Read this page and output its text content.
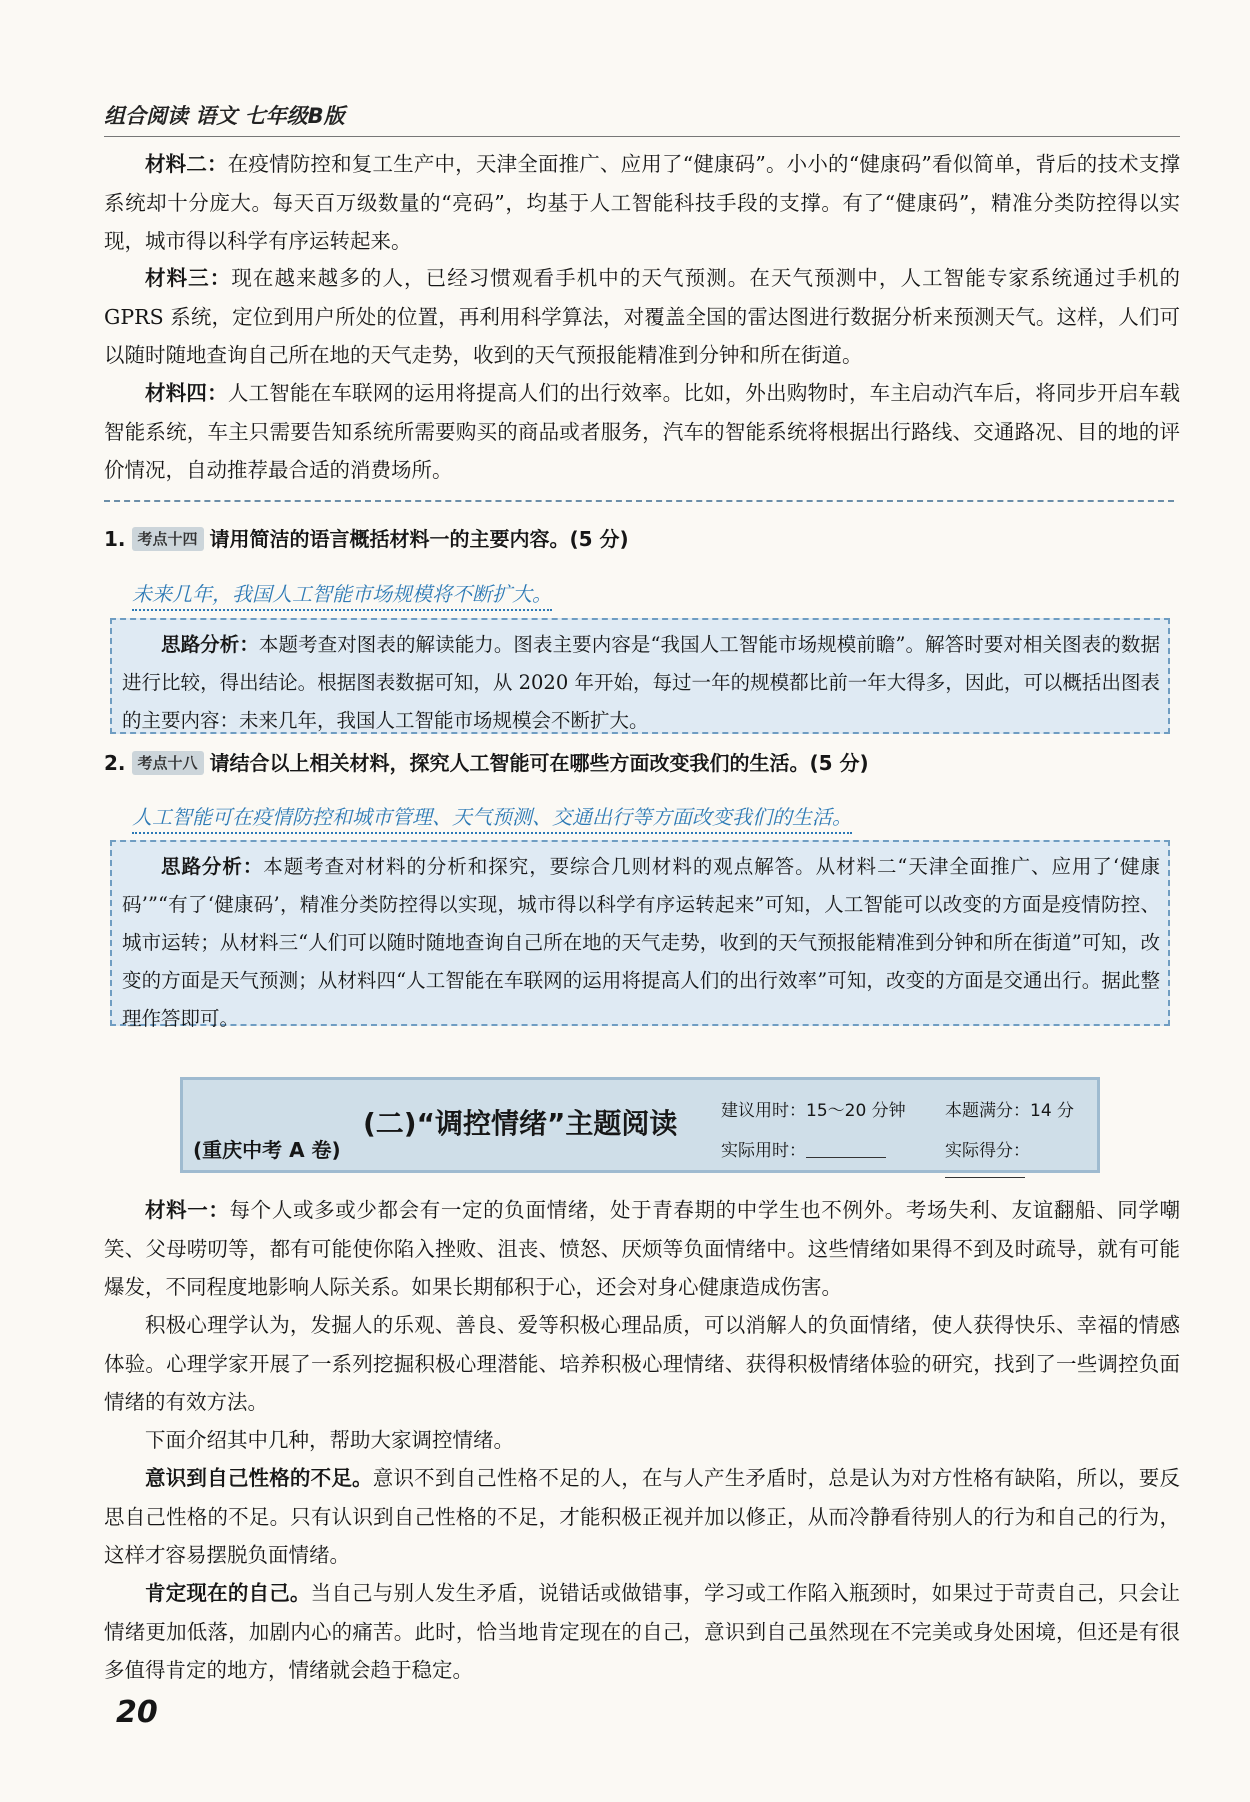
组合阅读 语文 七年级B版

材料二：在疫情防控和复工生产中，天津全面推广、应用了“健康码”。小小的“健康码”看似简单，背后的技术支撑系统却十分庞大。每天百万级数量的“亮码”，均基于人工智能科技手段的支撑。有了“健康码”，精准分类防控得以实现，城市得以科学有序运转起来。

材料三：现在越来越多的人，已经习惯观看手机中的天气预测。在天气预测中，人工智能专家系统通过手机的 GPRS 系统，定位到用户所处的位置，再利用科学算法，对覆盖全国的雷达图进行数据分析来预测天气。这样，人们可以随时随地查询自己所在地的天气走势，收到的天气预报能精准到分钟和所在街道。

材料四：人工智能在车联网的运用将提高人们的出行效率。比如，外出购物时，车主启动汽车后，将同步开启车载智能系统，车主只需要告知系统所需要购买的商品或者服务，汽车的智能系统将根据出行路线、交通路况、目的地的评价情况，自动推荐最合适的消费场所。

1. 考点十四 请用简洁的语言概括材料一的主要内容。(5 分)
未来几年，我国人工智能市场规模将不断扩大。
思路分析：本题考查对图表的解读能力。图表主要内容是“我国人工智能市场规模前瞻”。解答时要对相关图表的数据进行比较，得出结论。根据图表数据可知，从 2020 年开始，每过一年的规模都比前一年大得多，因此，可以概括出图表的主要内容：未来几年，我国人工智能市场规模会不断扩大。
2. 考点十八 请结合以上相关材料，探究人工智能可在哪些方面改变我们的生活。(5 分)
人工智能可在疫情防控和城市管理、天气预测、交通出行等方面改变我们的生活。
思路分析：本题考查对材料的分析和探究，要综合几则材料的观点解答。从材料二“天津全面推广、应用了‘健康码’”“有了‘健康码’，精准分类防控得以实现，城市得以科学有序运转起来”可知，人工智能可以改变的方面是疫情防控、城市运转；从材料三“人们可以随时随地查询自己所在地的天气走势，收到的天气预报能精准到分钟和所在街道”可知，改变的方面是天气预测；从材料四“人工智能在车联网的运用将提高人们的出行效率”可知，改变的方面是交通出行。据此整理作答即可。
(重庆中考 A 卷)
(二)“调控情绪”主题阅读	建议用时：15～20 分钟 本题满分：14 分
实际用时：	实际得分：

材料一：每个人或多或少都会有一定的负面情绪，处于青春期的中学生也不例外。考场失利、友谊翻船、同学嘲笑、父母唠叨等，都有可能使你陷入挫败、沮丧、愤怒、厌烦等负面情绪中。这些情绪如果得不到及时疏导，就有可能爆发，不同程度地影响人际关系。如果长期郁积于心，还会对身心健康造成伤害。

积极心理学认为，发掘人的乐观、善良、爱等积极心理品质，可以消解人的负面情绪，使人获得快乐、幸福的情感体验。心理学家开展了一系列挖掘积极心理潜能、培养积极心理情绪、获得积极情绪体验的研究，找到了一些调控负面情绪的有效方法。

下面介绍其中几种，帮助大家调控情绪。

意识到自己性格的不足。意识不到自己性格不足的人，在与人产生矛盾时，总是认为对方性格有缺陷，所以，要反思自己性格的不足。只有认识到自己性格的不足，才能积极正视并加以修正，从而冷静看待别人的行为和自己的行为，这样才容易摆脱负面情绪。

肯定现在的自己。当自己与别人发生矛盾，说错话或做错事，学习或工作陷入瓶颈时，如果过于苛责自己，只会让情绪更加低落，加剧内心的痛苦。此时，恰当地肯定现在的自己，意识到自己虽然现在不完美或身处困境，但还是有很多值得肯定的地方，情绪就会趋于稳定。

20
